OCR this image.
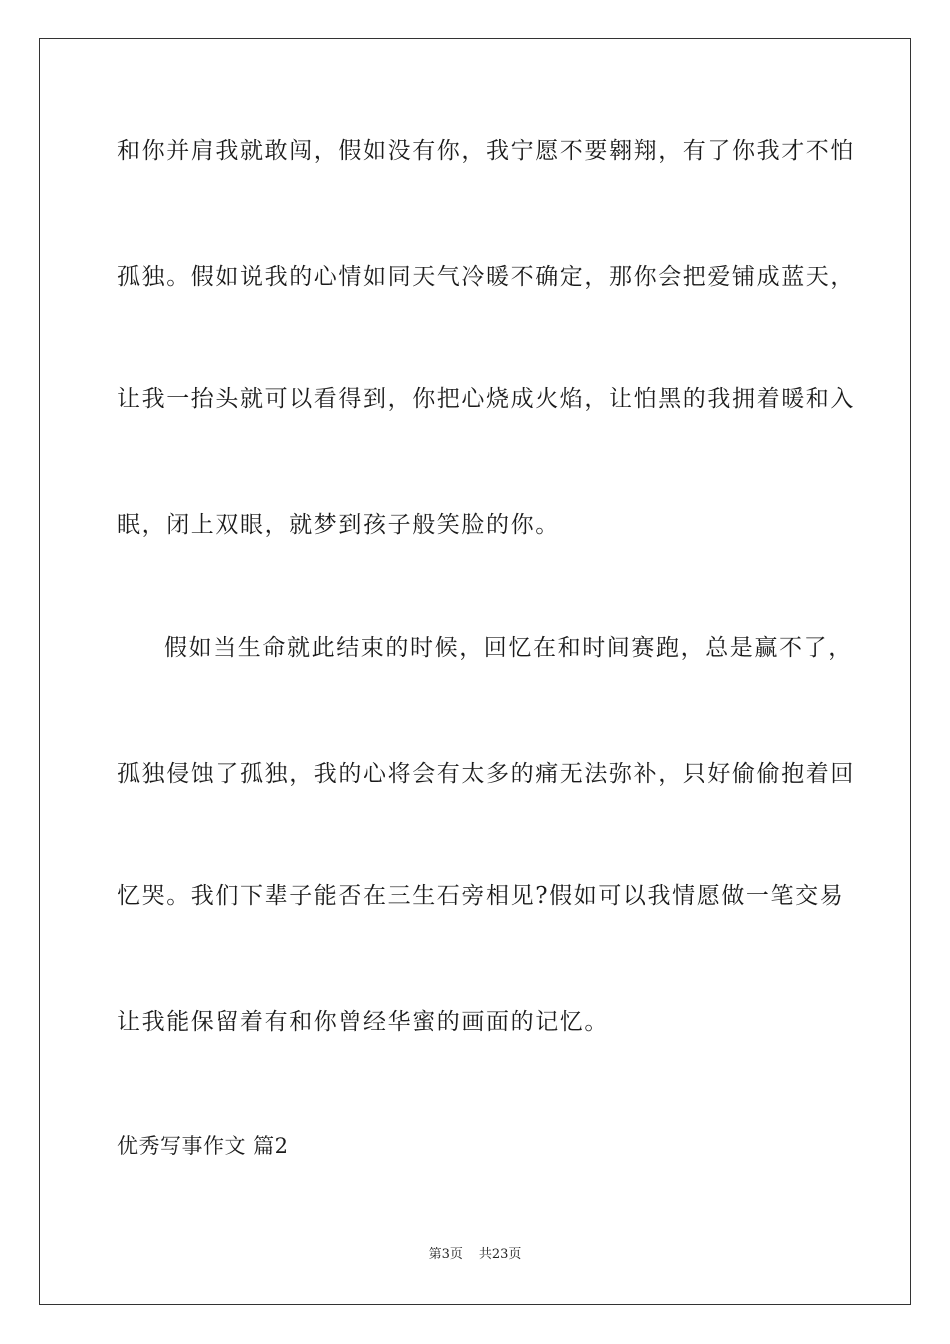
和你并肩我就敢闯，假如没有你，我宁愿不要翱翔，有了你我才不怕
孤独。假如说我的心情如同天气冷暖不确定，那你会把爱铺成蓝天，
让我一抬头就可以看得到，你把心烧成火焰，让怕黑的我拥着暖和入
眠，闭上双眼，就梦到孩子般笑脸的你。
假如当生命就此结束的时候，回忆在和时间赛跑，总是赢不了，
孤独侵蚀了孤独，我的心将会有太多的痛无法弥补，只好偷偷抱着回
忆哭。我们下辈子能否在三生石旁相见?假如可以我情愿做一笔交易
让我能保留着有和你曾经华蜜的画面的记忆。
优秀写事作文 篇2
第3页 共23页
